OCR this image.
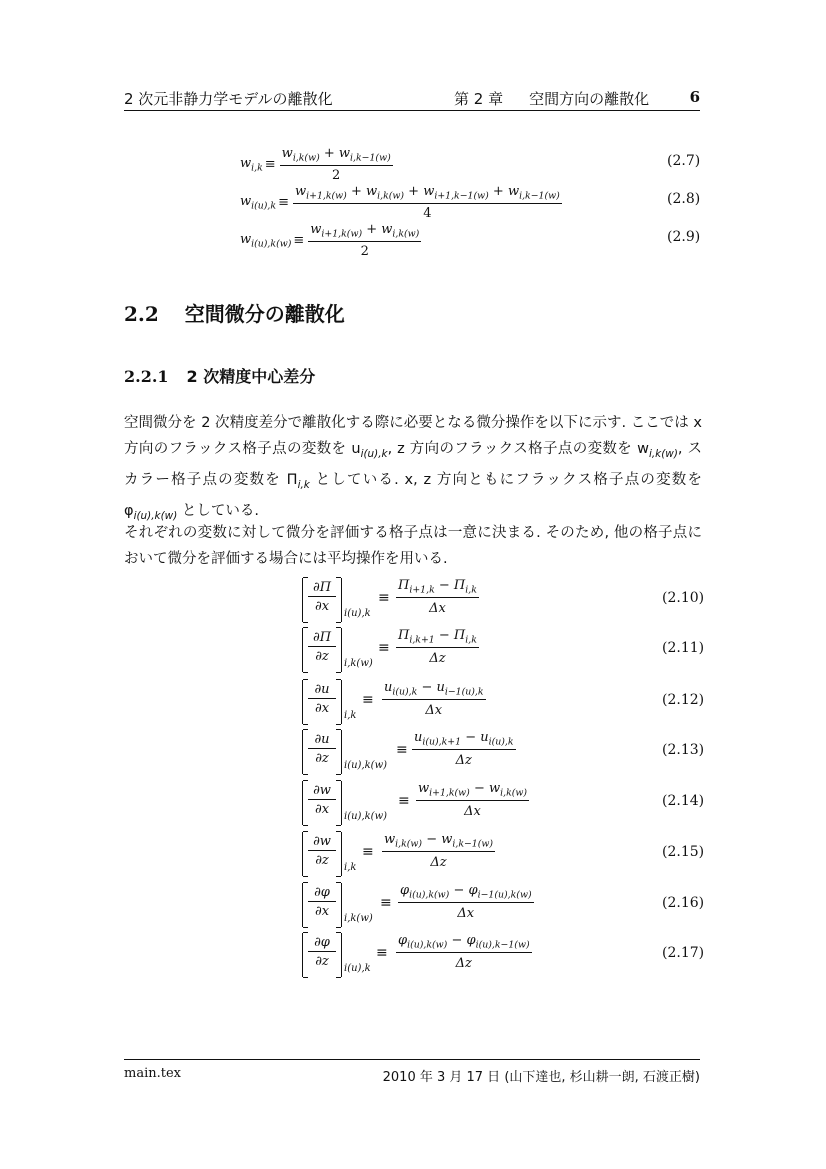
2 次元非静力学モデルの離散化	第 2 章 空間方向の離散化	6
$w_{i,k} \equiv \frac{w_{i,k(w)} + w_{i,k-1(w)}}{2}$	(2.7)
$w_{i(u),k} \equiv \frac{w_{i+1,k(w)} + w_{i,k(w)} + w_{i+1,k-1(w)} + w_{i,k-1(w)}}{4}$	(2.8)
$w_{i(u),k(w)} \equiv \frac{w_{i+1,k(w)} + w_{i,k(w)}}{2}$	(2.9)
2.2 空間微分の離散化
2.2.1 2 次精度中心差分
空間微分を 2 次精度差分で離散化する際に必要となる微分操作を以下に示す. ここでは x 方向のフラックス格子点の変数を $u_{i(u),k}$, z 方向のフラックス格子点の変数を $w_{i,k(w)}$, スカラー格子点の変数を $\Pi_{i,k}$ としている. x, z 方向ともにフラックス格子点の変数を $\varphi_{i(u),k(w)}$ としている.
それぞれの変数に対して微分を評価する格子点は一意に決まる. そのため, 他の格子点において微分を評価する場合には平均操作を用いる.
∂Π
∂x	i(u),k
≡ $\frac{\Pi_{i+1,k} - \Pi_{i,k}}{\Delta x}$	(2.10)
∂Π
∂z	i,k(w)
≡ $\frac{\Pi_{i,k+1} - \Pi_{i,k}}{\Delta z}$	(2.11)
∂u
∂x	i,k
≡ $\frac{u_{i(u),k} - u_{i-1(u),k}}{\Delta x}$	(2.12)
∂u
∂z	i(u),k(w)
≡ $\frac{u_{i(u),k+1} - u_{i(u),k}}{\Delta z}$	(2.13)
∂w
∂x	i(u),k(w)
≡ $\frac{w_{i+1,k(w)} - w_{i,k(w)}}{\Delta x}$	(2.14)
∂w
∂z	i,k
≡ $\frac{w_{i,k(w)} - w_{i,k-1(w)}}{\Delta z}$	(2.15)
∂φ
∂x	i,k(w)
≡ $\frac{\varphi_{i(u),k(w)} - \varphi_{i-1(u),k(w)}}{\Delta x}$	(2.16)
∂φ
∂z	i(u),k
≡ $\frac{\varphi_{i(u),k(w)} - \varphi_{i(u),k-1(w)}}{\Delta z}$	(2.17)
main.tex	2010 年 3 月 17 日 (山下達也, 杉山耕一朗, 石渡正樹)
